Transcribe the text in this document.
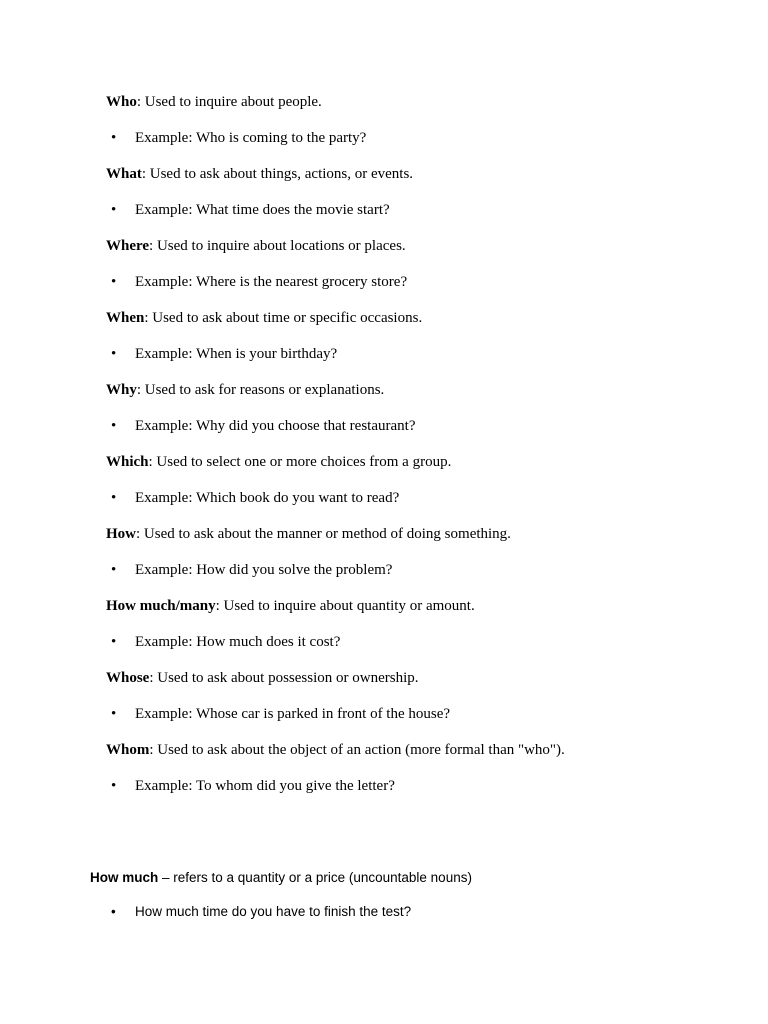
Who: Used to inquire about people.
•	Example: Who is coming to the party?
What: Used to ask about things, actions, or events.
•	Example: What time does the movie start?
Where: Used to inquire about locations or places.
•	Example: Where is the nearest grocery store?
When: Used to ask about time or specific occasions.
•	Example: When is your birthday?
Why: Used to ask for reasons or explanations.
•	Example: Why did you choose that restaurant?
Which: Used to select one or more choices from a group.
•	Example: Which book do you want to read?
How: Used to ask about the manner or method of doing something.
•	Example: How did you solve the problem?
How much/many: Used to inquire about quantity or amount.
•	Example: How much does it cost?
Whose: Used to ask about possession or ownership.
•	Example: Whose car is parked in front of the house?
Whom: Used to ask about the object of an action (more formal than "who").
•	Example: To whom did you give the letter?
How much – refers to a quantity or a price (uncountable nouns)
•	How much time do you have to finish the test?
